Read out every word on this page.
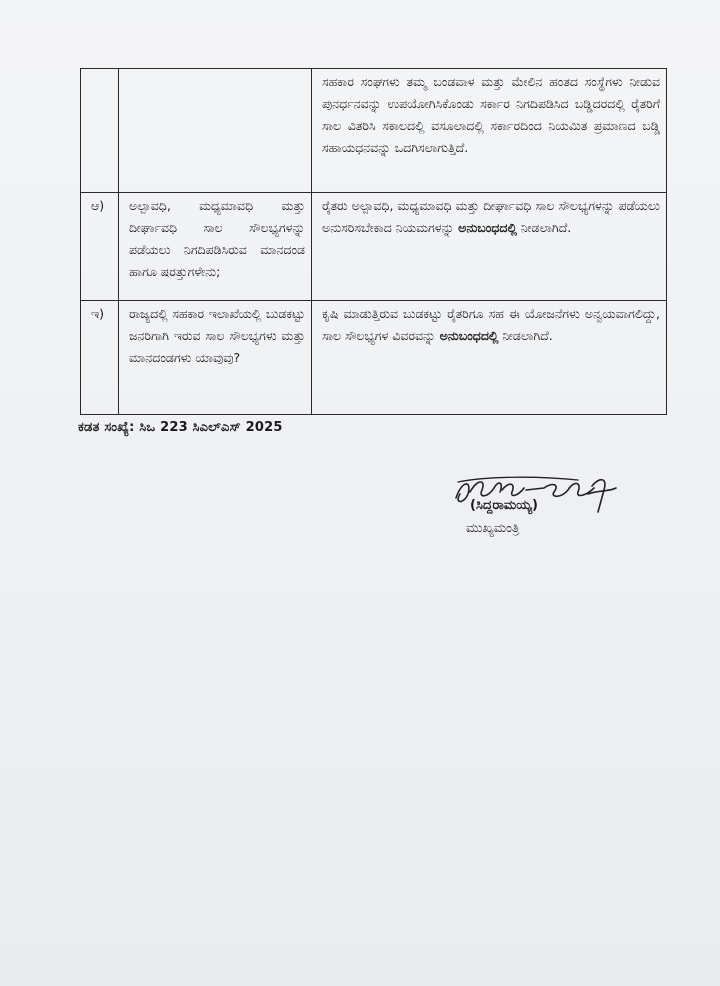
		ಸಹಕಾರ ಸಂಘಗಳು ತಮ್ಮ ಬಂಡವಾಳ ಮತ್ತು ಮೇಲಿನ ಹಂತದ ಸಂಸ್ಥೆಗಳು ನೀಡುವ ಪುನರ್ಧನವನ್ನು ಉಪಯೋಗಿಸಿಕೊಂಡು ಸರ್ಕಾರ ನಿಗದಿಪಡಿಸಿದ ಬಡ್ಡಿದರದಲ್ಲಿ ರೈತರಿಗೆ ಸಾಲ ವಿತರಿಸಿ ಸಕಾಲದಲ್ಲಿ ವಸೂಲಾದಲ್ಲಿ ಸರ್ಕಾರದಿಂದ ನಿಯಮಿತ ಪ್ರಮಾಣದ ಬಡ್ಡಿ ಸಹಾಯಧನವನ್ನು ಒದಗಿಸಲಾಗುತ್ತಿದೆ.
ಆ)	ಅಲ್ಪಾವಧಿ, ಮಧ್ಯಮಾವಧಿ ಮತ್ತು ದೀರ್ಘಾವಧಿ ಸಾಲ ಸೌಲಭ್ಯಗಳನ್ನು ಪಡೆಯಲು ನಿಗದಿಪಡಿಸಿರುವ ಮಾನದಂಡ ಹಾಗೂ ಷರತ್ತುಗಳೇನು;	ರೈತರು ಅಲ್ಪಾವಧಿ, ಮಧ್ಯಮಾವಧಿ ಮತ್ತು ದೀರ್ಘಾವಧಿ ಸಾಲ ಸೌಲಭ್ಯಗಳನ್ನು ಪಡೆಯಲು ಅನುಸರಿಸಬೇಕಾದ ನಿಯಮಗಳನ್ನು ಅನುಬಂಧದಲ್ಲಿ ನೀಡಲಾಗಿದೆ.
ಇ)	ರಾಜ್ಯದಲ್ಲಿ ಸಹಕಾರ ಇಲಾಖೆಯಲ್ಲಿ ಬುಡಕಟ್ಟು ಜನರಿಗಾಗಿ ಇರುವ ಸಾಲ ಸೌಲಭ್ಯಗಳು ಮತ್ತು ಮಾನದಂಡಗಳು ಯಾವುವು?	ಕೃಷಿ ಮಾಡುತ್ತಿರುವ ಬುಡಕಟ್ಟು ರೈತರಿಗೂ ಸಹ ಈ ಯೋಜನೆಗಳು ಅನ್ವಯವಾಗಲಿದ್ದು, ಸಾಲ ಸೌಲಭ್ಯಗಳ ವಿವರವನ್ನು ಅನುಬಂಧದಲ್ಲಿ ನೀಡಲಾಗಿದೆ.
ಕಡತ ಸಂಖ್ಯೆ: ಸಿಒ 223 ಸಿಎಲ್ಎಸ್ 2025
(ಸಿದ್ದರಾಮಯ್ಯ)
ಮುಖ್ಯಮಂತ್ರಿ
